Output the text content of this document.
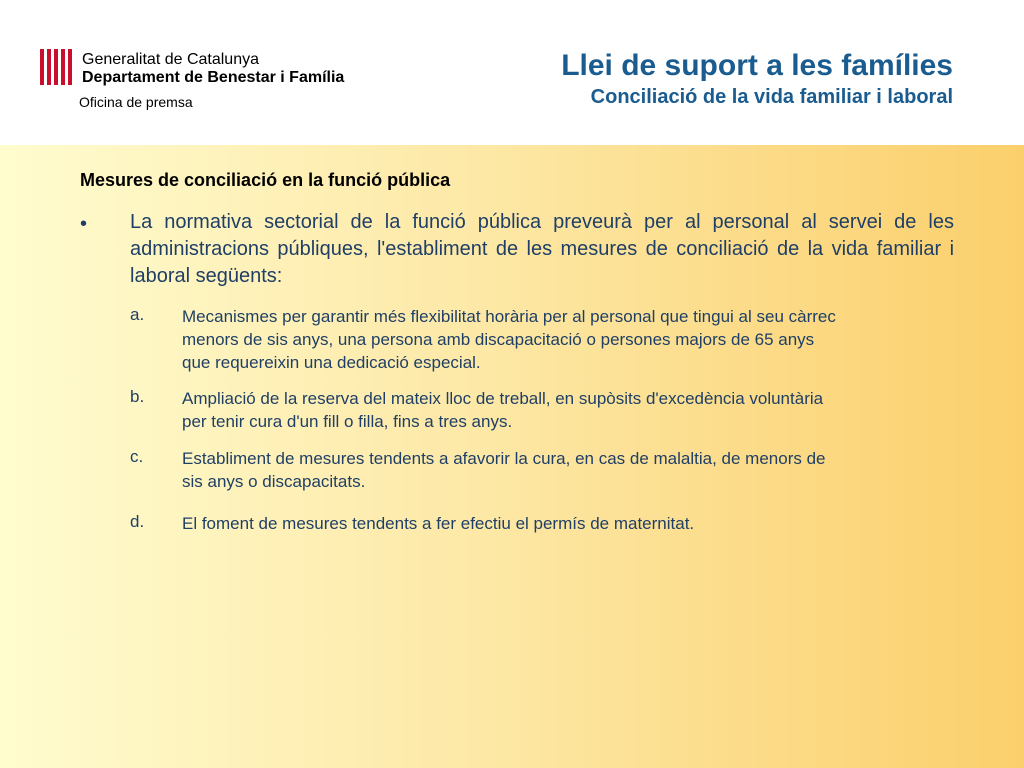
Generalitat de Catalunya
Departament de Benestar i Família
Oficina de premsa
Llei de suport a les famílies
Conciliació de la vida familiar i laboral
Mesures de conciliació en la funció pública
• La normativa sectorial de la funció pública preveurà per al personal al servei de les administracions públiques, l'establiment de les mesures de conciliació de la vida familiar i laboral següents:
a. Mecanismes per garantir més flexibilitat horària per al personal que tingui al seu càrrec
menors de sis anys, una persona amb discapacitació o persones majors de 65 anys
que requereixin una dedicació especial.
b. Ampliació de la reserva del mateix lloc de treball, en supòsits d'excedència voluntària
per tenir cura d'un fill o filla, fins a tres anys.
c. Establiment de mesures tendents a afavorir la cura, en cas de malaltia, de menors de
sis anys o discapacitats.
d. El foment de mesures tendents a fer efectiu el permís de maternitat.
